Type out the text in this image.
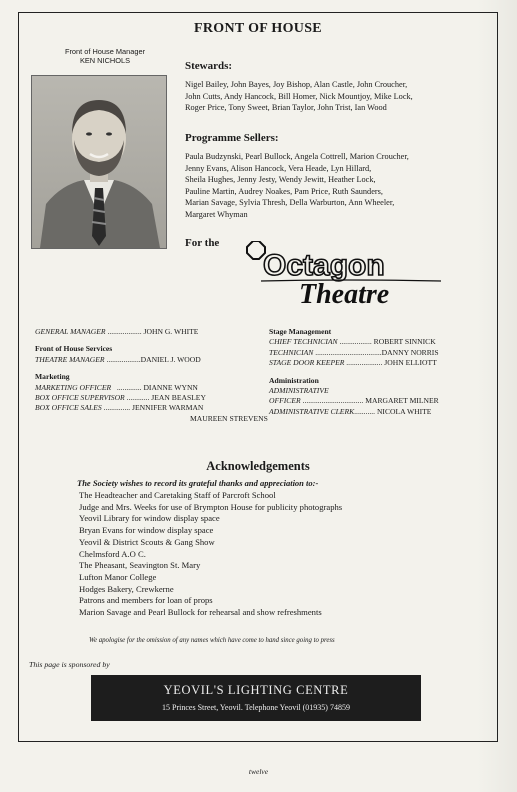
FRONT OF HOUSE
Front of House Manager
KEN NICHOLS	Stewards:
Nigel Bailey, John Bayes, Joy Bishop, Alan Castle, John Croucher,
John Cutts, Andy Hancock, Bill Homer, Nick Mountjoy, Mike Lock,
Roger Price, Tony Sweet, Brian Taylor, John Trist, Ian Wood
Programme Sellers:
Paula Budzynski, Pearl Bullock, Angela Cottrell, Marion Croucher,
Jenny Evans, Alison Hancock, Vera Heade, Lyn Hillard,
Sheila Hughes, Jenny Jesty, Wendy Jewitt, Heather Lock,
Pauline Martin, Audrey Noakes, Pam Price, Ruth Saunders,
Marian Savage, Sylvia Thresh, Della Warburton, Ann Wheeler,
Margaret Whyman
For the
Octagon
Theatre
GENERAL MANAGER .................. JOHN G. WHITE
Front of House Services
THEATRE MANAGER ..................DANIEL J. WOOD
Marketing
MARKETING OFFICER ............. DIANNE WYNN
BOX OFFICE SUPERVISOR ............ JEAN BEASLEY
BOX OFFICE SALES .............. JENNIFER WARMAN
MAUREEN STREVENS
Stage Management
CHIEF TECHNICIAN ................. ROBERT SINNICK
TECHNICIAN ...................................DANNY NORRIS
STAGE DOOR KEEPER ................... JOHN ELLIOTT
Administration
ADMINISTRATIVE
OFFICER ................................ MARGARET MILNER
ADMINISTRATIVE CLERK........... NICOLA WHITE
Acknowledgements
The Society wishes to record its grateful thanks and appreciation to:-
The Headteacher and Caretaking Staff of Parcroft School
Judge and Mrs. Weeks for use of Brympton House for publicity photographs
Yeovil Library for window display space
Bryan Evans for window display space
Yeovil & District Scouts & Gang Show
Chelmsford A.O C.
The Pheasant, Seavington St. Mary
Lufton Manor College
Hodges Bakery, Crewkerne
Patrons and members for loan of props
Marion Savage and Pearl Bullock for rehearsal and show refreshments
We apologise for the omission of any names which have come to hand since going to press
This page is sponsored by
YEOVIL'S LIGHTING CENTRE
15 Princes Street, Yeovil. Telephone Yeovil (01935) 74859
twelve
